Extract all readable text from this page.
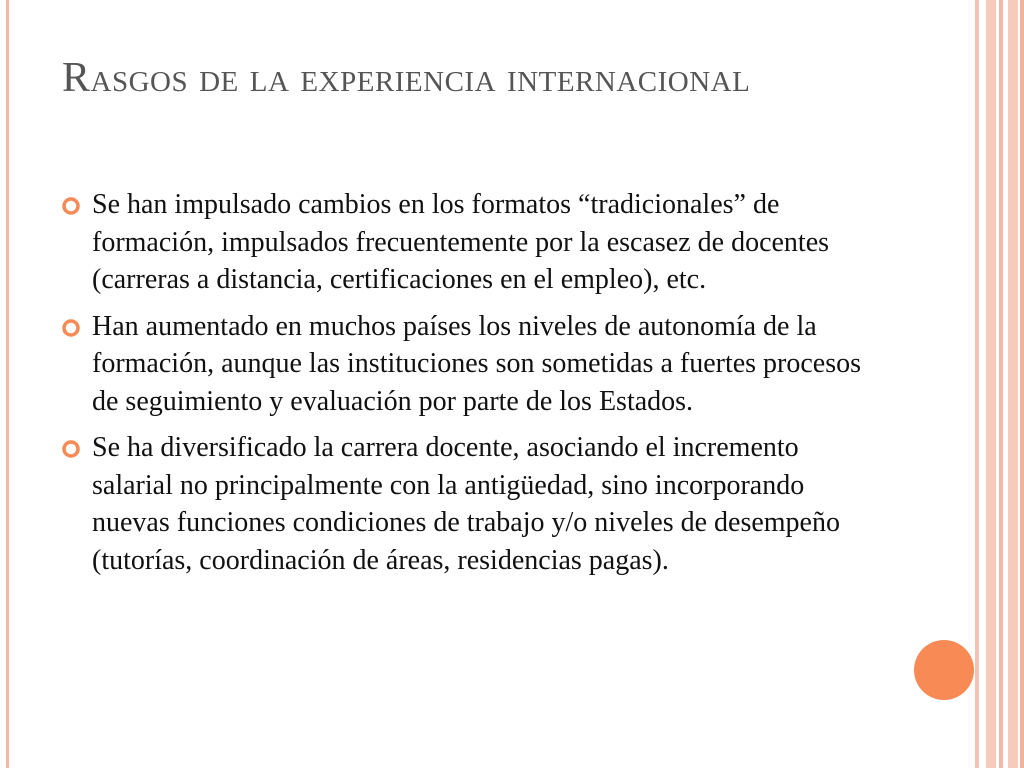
Rasgos de la experiencia internacional
Se han impulsado cambios en los formatos “tradicionales” de formación, impulsados frecuentemente por la escasez de docentes (carreras a distancia, certificaciones en el empleo), etc.
Han aumentado en muchos países los niveles de autonomía de la formación, aunque las instituciones son sometidas a fuertes procesos de seguimiento y evaluación por parte de los Estados.
Se ha diversificado la carrera docente, asociando el incremento salarial no principalmente con la antigüedad, sino incorporando nuevas funciones condiciones de trabajo y/o niveles de desempeño (tutorías, coordinación de áreas, residencias pagas).
